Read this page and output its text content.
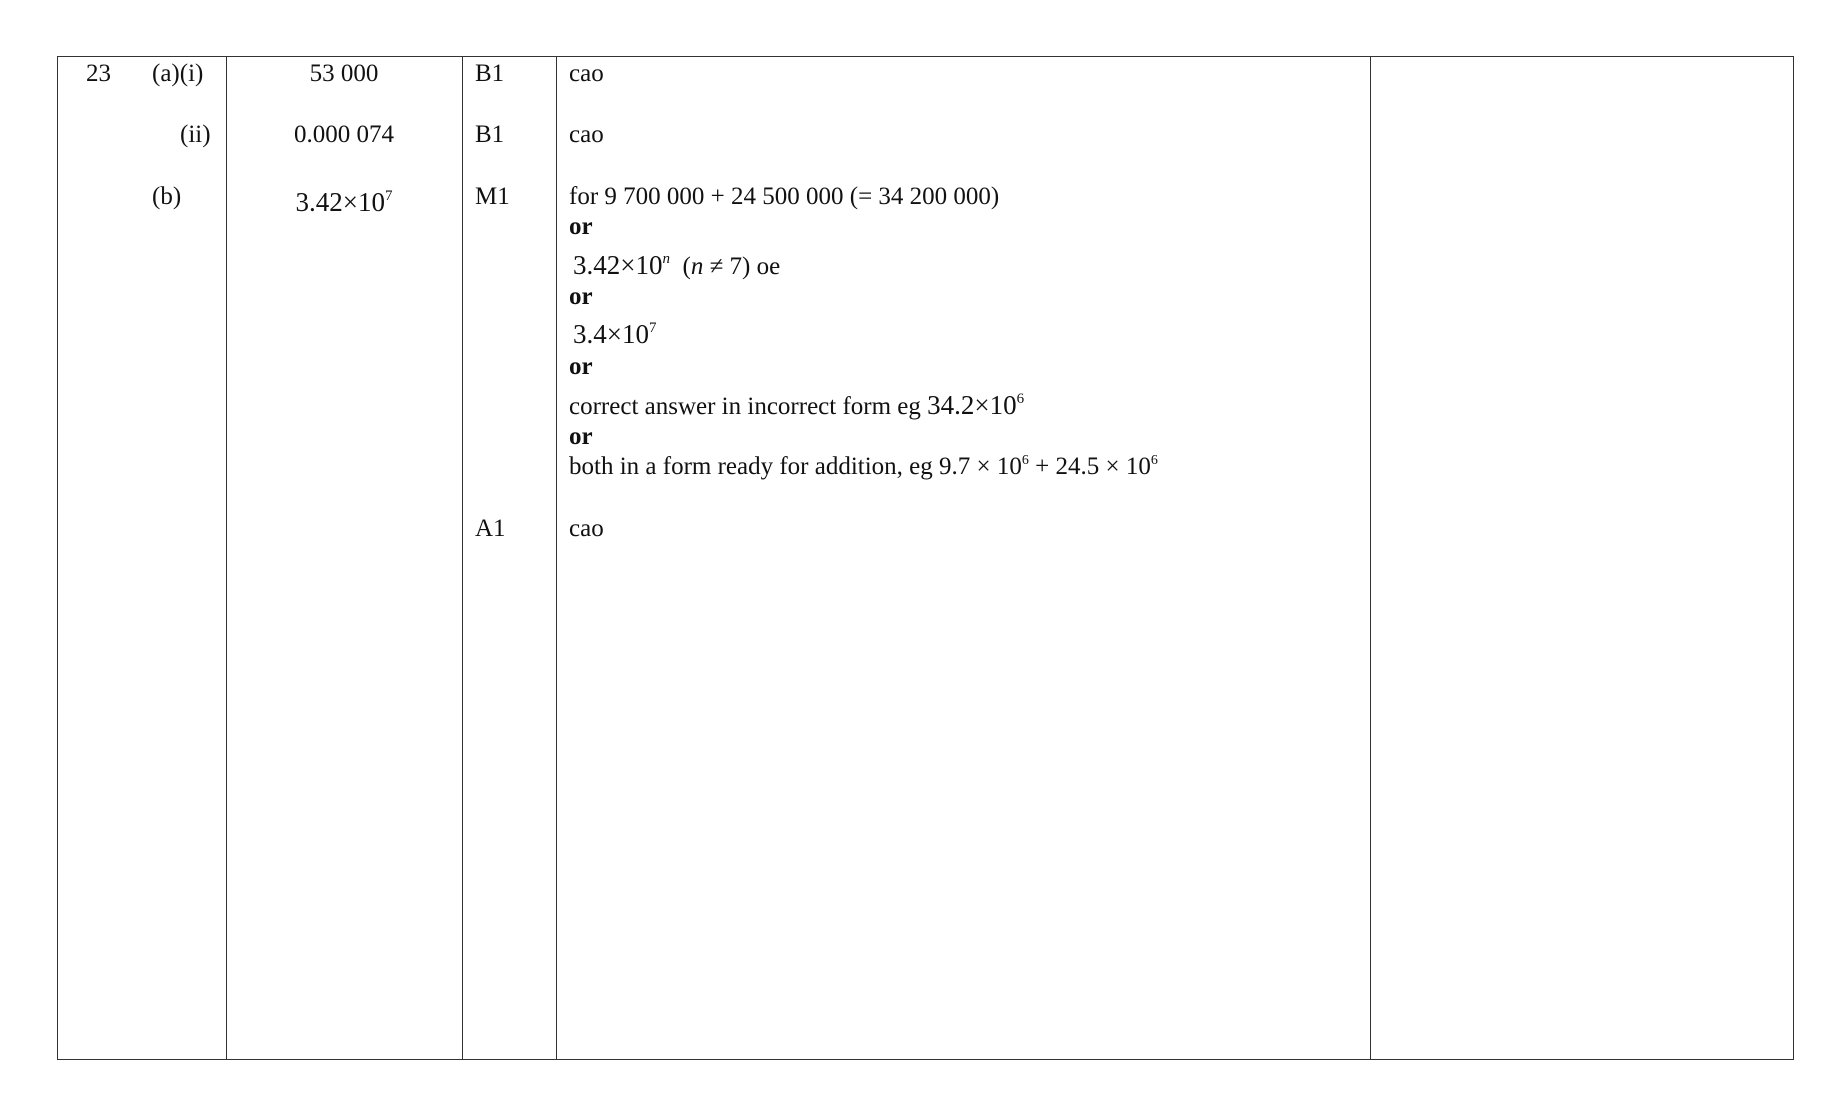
23 (a)(i)	53 000	B1	cao
(ii)	0.000 074	B1	cao
(b)	$3.42\times 10^7$	M1 for 9 700 000 + 24 500 000 (= 34 200 000)
or
$3.42\times 10^n$ (n ≠ 7) oe
or
$3.4\times 10^7$
or
correct answer in incorrect form eg $34.2\times 10^6$
or
both in a form ready for addition, eg $9.7 \times 10^6 + 24.5 \times 10^6$
A1	cao
